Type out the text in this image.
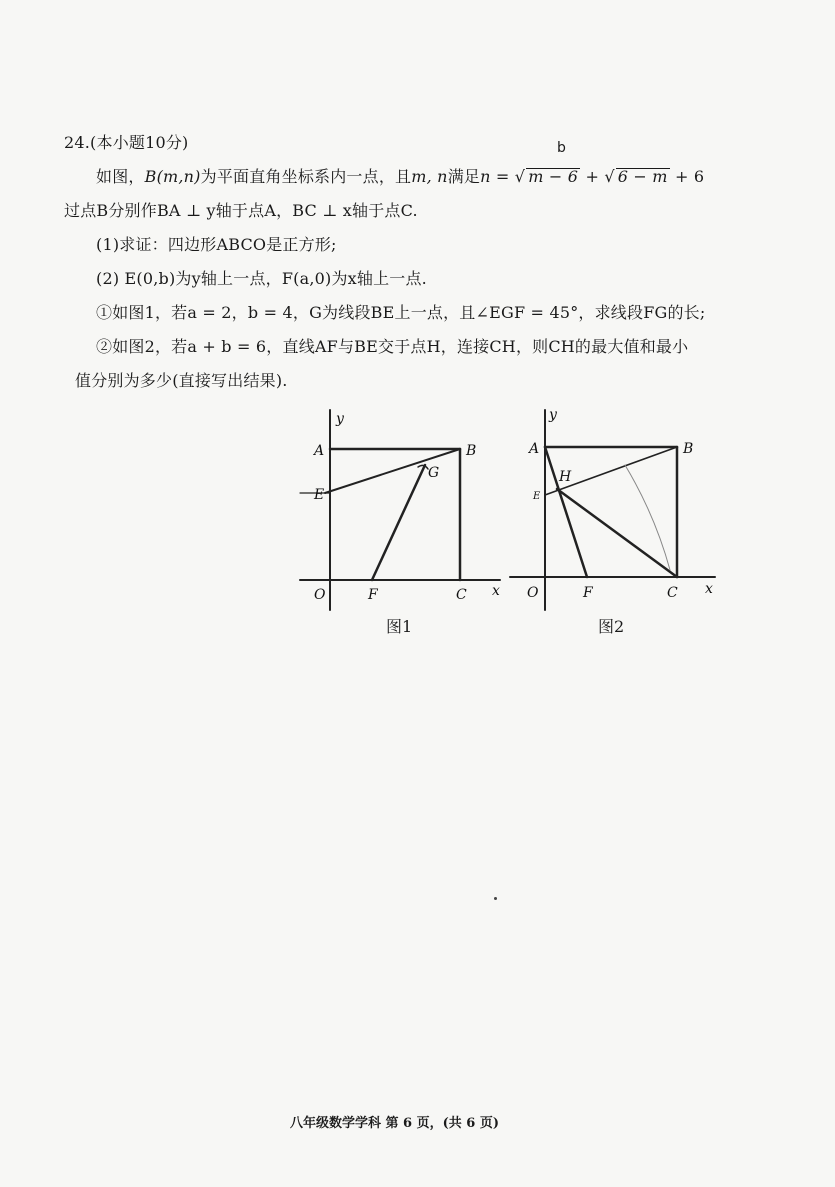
24.(本小题10分)	b
如图，B(m,n)为平面直角坐标系内一点，且m, n满足n = √ m − 6 + √ 6 − m + 6
过点B分别作BA ⊥ y轴于点A，BC ⊥ x轴于点C.
(1)求证：四边形ABCO是正方形;
(2) E(0,b)为y轴上一点，F(a,0)为x轴上一点.
①如图1，若a = 2，b = 4，G为线段BE上一点，且∠EGF = 45°，求线段FG的长;
②如图2，若a + b = 6，直线AF与BE交于点H，连接CH，则CH的最大值和最小
值分别为多少(直接写出结果).
y
A	B
G
E
O	F	C x
图1
y
A	B
H
E
O	F	C x
图2
八年级数学学科 第 6 页，(共 6 页)
